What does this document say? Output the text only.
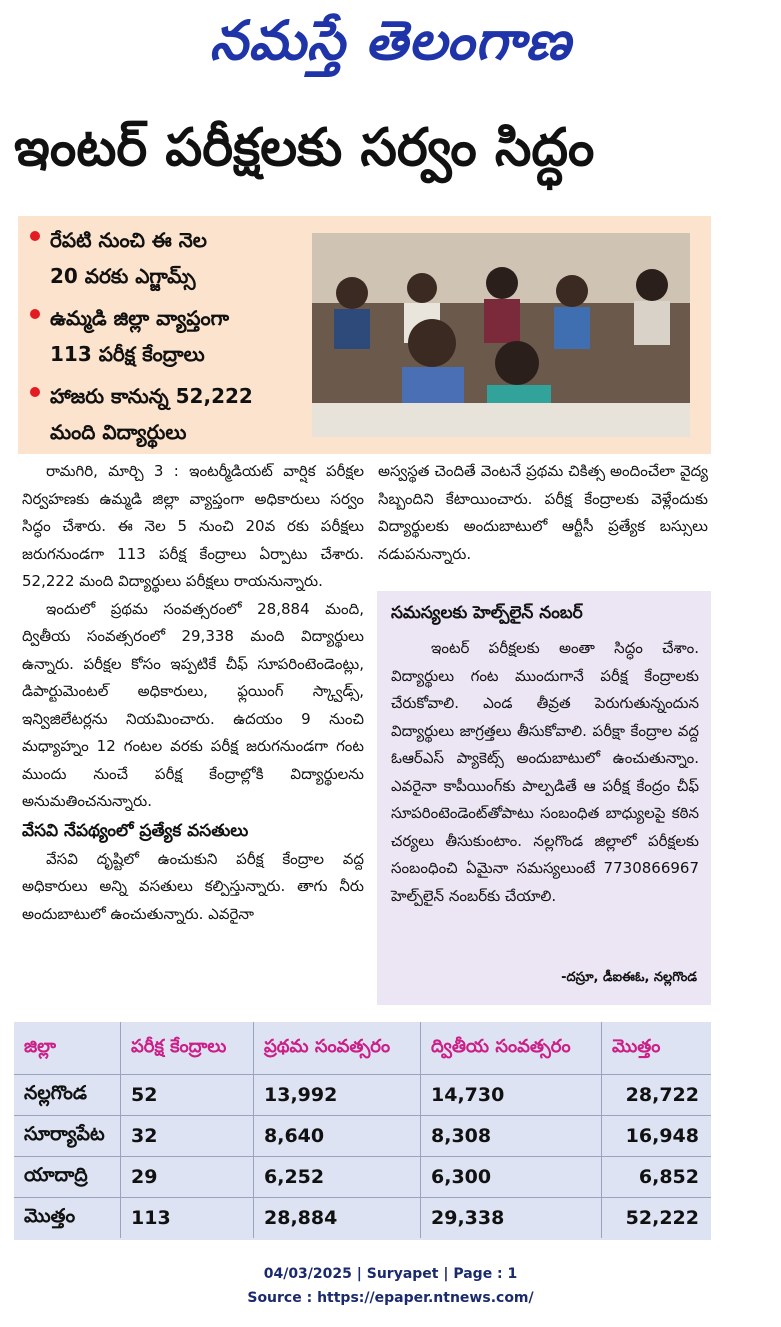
నమస్తే తెలంగాణ
ఇంటర్ పరీక్షలకు సర్వం సిద్ధం
రేపటి నుంచి ఈ నెల
20 వరకు ఎగ్జామ్స్
ఉమ్మడి జిల్లా వ్యాప్తంగా
113 పరీక్ష కేంద్రాలు
హాజరు కానున్న 52,222
మంది విద్యార్థులు

రామగిరి, మార్చి 3 : ఇంటర్మీడియట్ వార్షిక పరీక్షల నిర్వహణకు ఉమ్మడి జిల్లా వ్యాప్తంగా అధికారులు సర్వం సిద్ధం చేశారు. ఈ నెల 5 నుంచి 20వ రకు పరీక్షలు జరుగనుండగా 113 పరీక్ష కేంద్రాలు ఏర్పాటు చేశారు. 52,222 మంది విద్యార్థులు పరీక్షలు రాయనున్నారు.

ఇందులో ప్రథమ సంవత్సరంలో 28,884 మంది, ద్వితీయ సంవత్సరంలో 29,338 మంది విద్యార్థులు ఉన్నారు. పరీక్షల కోసం ఇప్పటికే చీఫ్ సూపరింటెండెంట్లు, డిపార్టుమెంటల్ అధికారులు, ఫ్లయింగ్ స్క్వాడ్స్, ఇన్విజిలేటర్లను నియమించారు. ఉదయం 9 నుంచి మధ్యాహ్నం 12 గంటల వరకు పరీక్ష జరుగనుండగా గంట ముందు నుంచే పరీక్ష కేంద్రాల్లోకి విద్యార్థులను అనుమతించనున్నారు.

వేసవి నేపథ్యంలో ప్రత్యేక వసతులు

వేసవి దృష్టిలో ఉంచుకుని పరీక్ష కేంద్రాల వద్ద అధికారులు అన్ని వసతులు కల్పిస్తున్నారు. తాగు నీరు అందుబాటులో ఉంచుతున్నారు. ఎవరైనా

అస్వస్థత చెందితే వెంటనే ప్రథమ చికిత్స అందించేలా వైద్య సిబ్బందిని కేటాయించారు. పరీక్ష కేంద్రాలకు వెళ్లేందుకు విద్యార్థులకు అందుబాటులో ఆర్టీసీ ప్రత్యేక బస్సులు నడుపనున్నారు.

సమస్యలకు హెల్ప్‌లైన్ నంబర్
ఇంటర్ పరీక్షలకు అంతా సిద్ధం చేశాం. విద్యార్థులు గంట ముందుగానే పరీక్ష కేంద్రాలకు చేరుకోవాలి. ఎండ తీవ్రత పెరుగుతున్నందున విద్యార్థులు జాగ్రత్తలు తీసుకోవాలి. పరీక్షా కేంద్రాల వద్ద ఓఆర్ఎస్ ప్యాకెట్స్ అందుబాటులో ఉంచుతున్నాం. ఎవరైనా కాపీయింగ్‌కు పాల్పడితే ఆ పరీక్ష కేంద్రం చీఫ్ సూపరింటెండెంట్‌తోపాటు సంబంధిత బాధ్యులపై కఠిన చర్యలు తీసుకుంటాం. నల్లగొండ జిల్లాలో పరీక్షలకు సంబంధించి ఏమైనా సమస్యలుంటే 7730866967 హెల్ప్‌లైన్ నంబర్‌కు చేయాలి.
-దస్రూ, డీఐఈఓ, నల్లగొండ
జిల్లా	పరీక్ష కేంద్రాలు	ప్రథమ సంవత్సరం	ద్వితీయ సంవత్సరం	మొత్తం
నల్లగొండ	52	13,992	14,730	28,722
సూర్యాపేట	32	8,640	8,308	16,948
యాదాద్రి	29	6,252	6,300	6,852
మొత్తం	113	28,884	29,338	52,222
04/03/2025 | Suryapet | Page : 1
Source : https://epaper.ntnews.com/
